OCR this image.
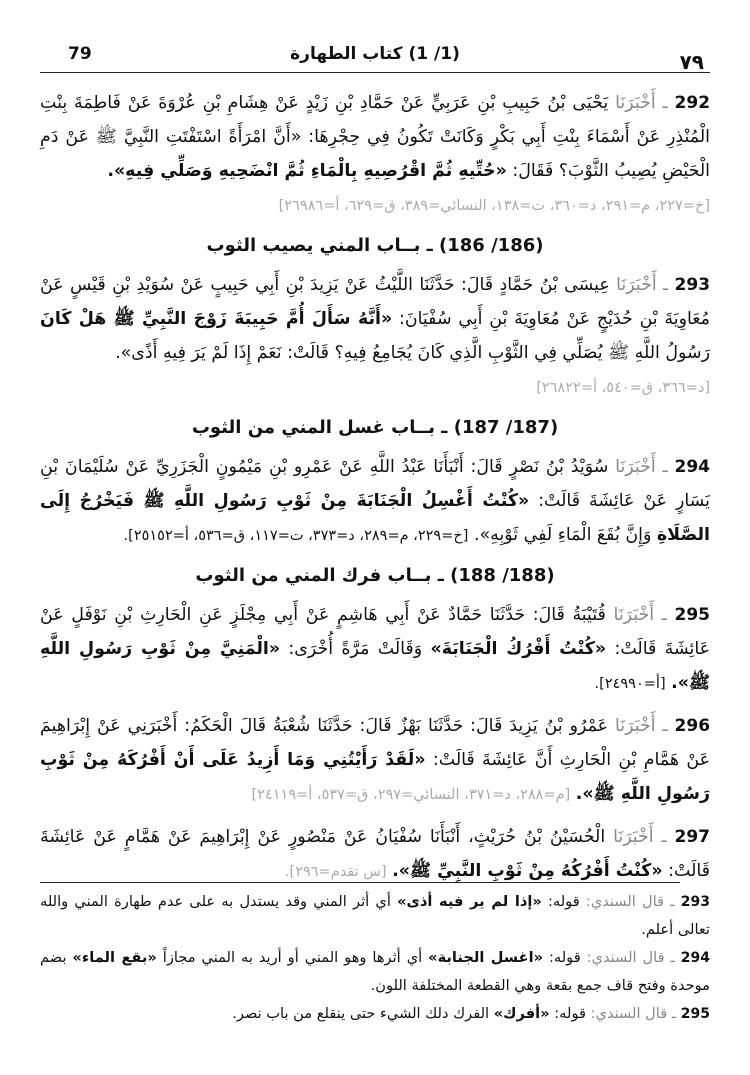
79	(1/ 1) كتاب الطهارة	٧٩

292 ـ أَخْبَرَنَا يَحْيَى بْنُ حَبِيبِ بْنِ عَرَبِيٍّ عَنْ حَمَّادِ بْنِ زَيْدٍ عَنْ هِشَامِ بْنِ عُرْوَةَ عَنْ فَاطِمَةَ بِنْتِ الْمُنْذِرِ عَنْ أَسْمَاءَ بِنْتِ أَبِي بَكْرٍ وَكَانَتْ تَكُونُ فِي حِجْرِهَا: «أَنَّ امْرَأَةً اسْتَفْتَتِ النَّبِيَّ ﷺ عَنْ دَمِ الْحَيْضِ يُصِيبُ الثَّوْبَ؟ فَقَالَ: «حُتِّيهِ ثُمَّ اقْرُصِيهِ بِالْمَاءِ ثُمَّ انْضَحِيهِ وَصَلِّي فِيهِ».
[خ=٢٢٧، م=٢٩١، د=٣٦٠، ت=١٣٨، النسائي=٣٨٩، ق=٦٢٩، أ=٢٦٩٨٦]

(186/ 186) ـ بــاب المني يصيب الثوب

293 ـ أَخْبَرَنَا عِيسَى بْنُ حَمَّادٍ قَالَ: حَدَّثَنَا اللَّيْثُ عَنْ يَزِيدَ بْنِ أَبِي حَبِيبٍ عَنْ سُوَيْدِ بْنِ قَيْسٍ عَنْ مُعَاوِيَةَ بْنِ حُدَيْجٍ عَنْ مُعَاوِيَةَ بْنِ أَبِي سُفْيَانَ: «أَنَّهُ سَأَلَ أُمَّ حَبِيبَةَ زَوْجَ النَّبِيِّ ﷺ هَلْ كَانَ رَسُولُ اللَّهِ ﷺ يُصَلِّي فِي الثَّوْبِ الَّذِي كَانَ يُجَامِعُ فِيهِ؟ قَالَتْ: نَعَمْ إِذَا لَمْ يَرَ فِيهِ أَذًى».
[د=٣٦٦، ق=٥٤٠، أ=٢٦٨٢٢]

(187/ 187) ـ بــاب غسل المني من الثوب

294 ـ أَخْبَرَنَا سُوَيْدُ بْنُ نَصْرٍ قَالَ: أَنْبَأَنَا عَبْدُ اللَّهِ عَنْ عَمْرِو بْنِ مَيْمُونٍ الْجَزَرِيِّ عَنْ سُلَيْمَانَ بْنِ يَسَارٍ عَنْ عَائِشَةَ قَالَتْ: «كُنْتُ أَغْسِلُ الْجَنَابَةَ مِنْ ثَوْبِ رَسُولِ اللَّهِ ﷺ فَيَخْرُجُ إِلَى الصَّلَاةِ وَإِنَّ بُقَعَ الْمَاءِ لَفِي ثَوْبِهِ». [خ=٢٢٩، م=٢٨٩، د=٣٧٣، ت=١١٧، ق=٥٣٦، أ=٢٥١٥٢].

(188/ 188) ـ بــاب فرك المني من الثوب

295 ـ أَخْبَرَنَا قُتَيْبَةُ قَالَ: حَدَّثَنَا حَمَّادٌ عَنْ أَبِي هَاشِمٍ عَنْ أَبِي مِجْلَزٍ عَنِ الْحَارِثِ بْنِ نَوْفَلٍ عَنْ عَائِشَةَ قَالَتْ: «كُنْتُ أَفْرُكُ الْجَنَابَةَ» وَقَالَتْ مَرَّةً أُخْرَى: «الْمَنِيَّ مِنْ ثَوْبِ رَسُولِ اللَّهِ ﷺ». [أ=٢٤٩٩٠].

296 ـ أَخْبَرَنَا عَمْرُو بْنُ يَزِيدَ قَالَ: حَدَّثَنَا بَهْزٌ قَالَ: حَدَّثَنَا شُعْبَةُ قَالَ الْحَكَمُ: أَخْبَرَنِي عَنْ إِبْرَاهِيمَ عَنْ هَمَّامِ بْنِ الْحَارِثِ أَنَّ عَائِشَةَ قَالَتْ: «لَقَدْ رَأَيْتُنِي وَمَا أَزِيدُ عَلَى أَنْ أَفْرُكَهُ مِنْ ثَوْبِ رَسُولِ اللَّهِ ﷺ». [م=٢٨٨، د=٣٧١، النسائي=٢٩٧، ق=٥٣٧، أ=٢٤١١٩]

297 ـ أَخْبَرَنَا الْحُسَيْنُ بْنُ حُرَيْثٍ، أَنْبَأَنَا سُفْيَانُ عَنْ مَنْصُورٍ عَنْ إِبْرَاهِيمَ عَنْ هَمَّامٍ عَنْ عَائِشَةَ قَالَتْ: «كُنْتُ أَفْرُكُهُ مِنْ ثَوْبِ النَّبِيِّ ﷺ». [س تقدم=٢٩٦].

293 ـ قال السندي: قوله: «إذا لم ير فيه أذى» أي أثر المني وقد يستدل به على عدم طهارة المني والله تعالى أعلم.

294 ـ قال السندي: قوله: «اغسل الجنابة» أي أثرها وهو المني أو أريد به المني مجازاً «بقع الماء» بضم موحدة وفتح قاف جمع بقعة وهي القطعة المختلفة اللون.

295 ـ قال السندي: قوله: «أفرك» الفرك دلك الشيء حتى ينقلع من باب نصر.
